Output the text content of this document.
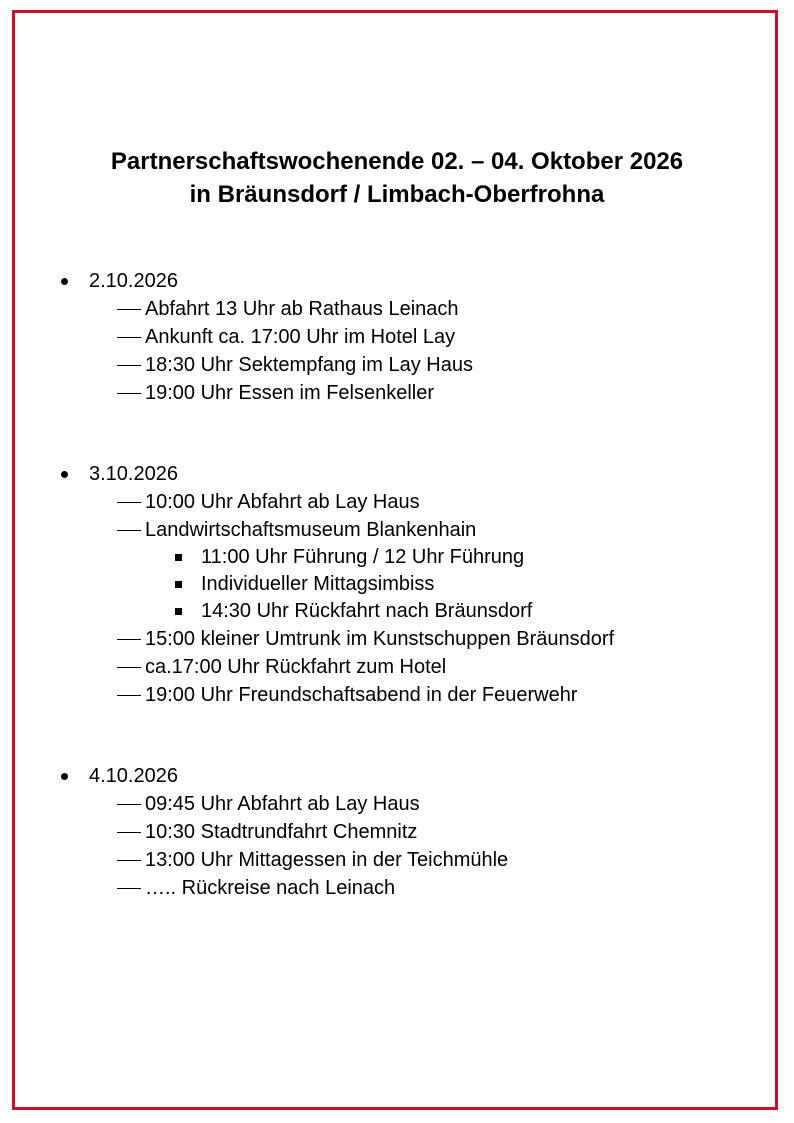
Partnerschaftswochenende 02. – 04. Oktober 2026
in Bräunsdorf / Limbach-Oberfrohna
2.10.2026
Abfahrt 13 Uhr ab Rathaus Leinach
Ankunft ca. 17:00 Uhr im Hotel Lay
18:30 Uhr Sektempfang im Lay Haus
19:00 Uhr Essen im Felsenkeller
3.10.2026
10:00 Uhr Abfahrt ab Lay Haus
Landwirtschaftsmuseum Blankenhain
11:00 Uhr Führung / 12 Uhr Führung
Individueller Mittagsimbiss
14:30 Uhr Rückfahrt nach Bräunsdorf
15:00 kleiner Umtrunk im Kunstschuppen Bräunsdorf
ca.17:00 Uhr Rückfahrt zum Hotel
19:00 Uhr Freundschaftsabend in der Feuerwehr
4.10.2026
09:45 Uhr Abfahrt ab Lay Haus
10:30 Stadtrundfahrt Chemnitz
13:00 Uhr Mittagessen in der Teichmühle
….. Rückreise nach Leinach
